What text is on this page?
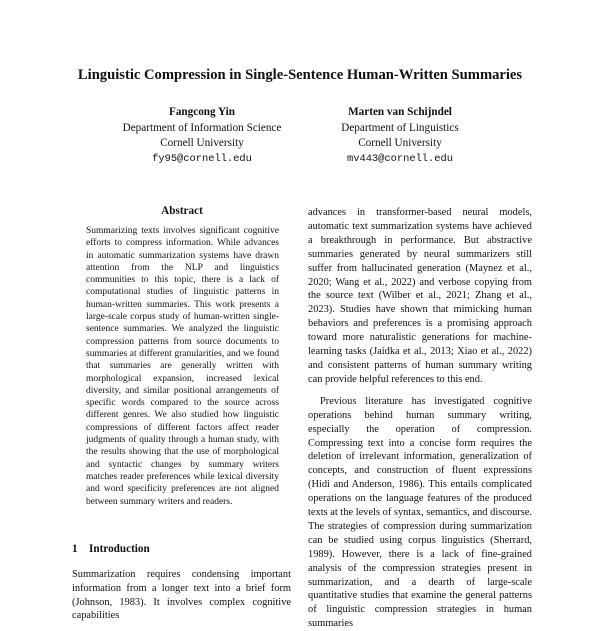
Linguistic Compression in Single-Sentence Human-Written Summaries
Fangcong Yin
Department of Information Science
Cornell University
fy95@cornell.edu
Marten van Schijndel
Department of Linguistics
Cornell University
mv443@cornell.edu
Abstract

Summarizing texts involves significant cognitive efforts to compress information. While advances in automatic summarization systems have drawn attention from the NLP and linguistics communities to this topic, there is a lack of computational studies of linguistic patterns in human-written summaries. This work presents a large-scale corpus study of human-written single-sentence summaries. We analyzed the linguistic compression patterns from source documents to summaries at different granularities, and we found that summaries are generally written with morphological expansion, increased lexical diversity, and similar positional arrangements of specific words compared to the source across different genres. We also studied how linguistic compressions of different factors affect reader judgments of quality through a human study, with the results showing that the use of morphological and syntactic changes by summary writers matches reader preferences while lexical diversity and word specificity preferences are not aligned between summary writers and readers.

1 Introduction

Summarization requires condensing important information from a longer text into a brief form (Johnson, 1983). It involves complex cognitive capabilities

advances in transformer-based neural models, automatic text summarization systems have achieved a breakthrough in performance. But abstractive summaries generated by neural summarizers still suffer from hallucinated generation (Maynez et al., 2020; Wang et al., 2022) and verbose copying from the source text (Wilber et al., 2021; Zhang et al., 2023). Studies have shown that mimicking human behaviors and preferences is a promising approach toward more naturalistic generations for machine-learning tasks (Jaidka et al., 2013; Xiao et al., 2022) and consistent patterns of human summary writing can provide helpful references to this end.

Previous literature has investigated cognitive operations behind human summary writing, especially the operation of compression. Compressing text into a concise form requires the deletion of irrelevant information, generalization of concepts, and construction of fluent expressions (Hidi and Anderson, 1986). This entails complicated operations on the language features of the produced texts at the levels of syntax, semantics, and discourse. The strategies of compression during summarization can be studied using corpus linguistics (Sherrard, 1989). However, there is a lack of fine-grained analysis of the compression strategies present in summarization, and a dearth of large-scale quantitative studies that examine the general patterns of linguistic compression strategies in human summaries
